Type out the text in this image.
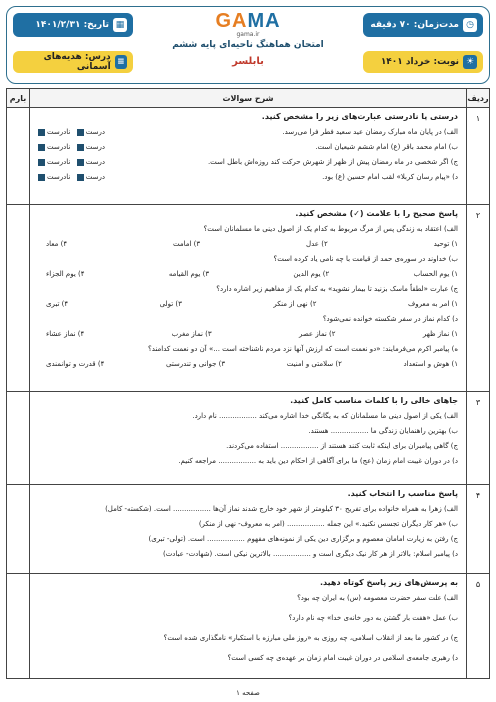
◷
مدت‌زمان: ۷۰ دقیقه
▦
تاریخ: ۱۴۰۱/۲/۳۱
☀
نوبت: خرداد ۱۴۰۱
≡
درس: هدیه‌های آسمانی
GAMA
gama.ir
امتحان هماهنگ ناحیه‌ای پایه ششم
بابلسر
ردیف
شرح سوالات
بارم
۱
درستی یا نادرستی عبارت‌های زیر را مشخص کنید.
الف) در پایان ماه مبارک رمضان عید سعید فطر فرا می‌رسد.
درست  نادرست
ب) امام محمد باقر (ع) امام ششم شیعیان است.
درست  نادرست
ج) اگر شخصی در ماه رمضان پیش از ظهر از شهرش حرکت کند روزه‌اش باطل است.
درست  نادرست
د) «پیام رسان کربلا» لقب امام حسین (ع) بود.
درست  نادرست
۲
پاسخ صحیح را با علامت (✓) مشخص کنید.
الف) اعتقاد به زندگی پس از مرگ مربوط به کدام یک از اصول دینی ما مسلمانان است؟
۱) توحید
۲) عدل
۳) امامت
۴) معاد
ب) خداوند در سوره‌ی حمد از قیامت با چه نامی یاد کرده است؟
۱) یوم الحساب
۲) یوم الدین
۳) یوم القیامه
۴) یوم الجزاء
ج) عبارت «لطفاً ماسک بزنید تا بیمار نشوید» به کدام یک از مفاهیم زیر اشاره دارد؟
۱) امر به معروف
۲) نهی از منکر
۳) تولی
۴) تبری
د) کدام نماز در سفر شکسته خوانده نمی‌شود؟
۱) نماز ظهر
۲) نماز عصر
۳) نماز مغرب
۴) نماز عشاء
ه) پیامبر اکرم می‌فرمایند: «دو نعمت است که ارزش آنها نزد مردم ناشناخته است ...» آن دو نعمت کدامند؟
۱) هوش و استعداد
۲) سلامتی و امنیت
۳) جوانی و تندرستی
۴) قدرت و توانمندی
۳
جاهای خالی را با کلمات مناسب کامل کنید.
الف) یکی از اصول دینی ما مسلمانان که به یگانگی خدا اشاره می‌کند ................. نام دارد.
ب) بهترین راهنمایان زندگی ما ................. هستند.
ج) گاهی پیامبران برای اینکه ثابت کنند هستند از ................. استفاده می‌کردند.
د) در دوران غیبت امام زمان (عج) ما برای آگاهی از احکام دین باید به ................. مراجعه کنیم.
۴
پاسخ مناسب را انتخاب کنید.
الف) زهرا به همراه خانواده برای تفریح ۳۰ کیلومتر از شهر خود خارج شدند نماز آن‌ها ................. است. (شکسته- کامل)
ب) «هر کار دیگران تجسس نکنید.» این جمله ................. (امر به معروف- نهی از منکر)
ج) رفتن به زیارت امامان معصوم و برگزاری دین یکی از نمونه‌های مفهوم ................. است. (تولی- تبری)
د) پیامبر اسلام: بالاتر از هر کار نیک دیگری است و ................. بالاترین نیکی است. (شهادت- عبادت)
۵
به پرسش‌های زیر پاسخ کوتاه دهید.
الف) علت سفر حضرت معصومه (س) به ایران چه بود؟
ب) عمل «هفت بار گشتن به دور خانه‌ی خدا» چه نام دارد؟
ج) در کشور ما بعد از انقلاب اسلامی، چه روزی به «روز ملی مبارزه با استکبار» نامگذاری شده است؟
د) رهبری جامعه‌ی اسلامی در دوران غیبت امام زمان بر عهده‌ی چه کسی است؟
صفحه ۱
